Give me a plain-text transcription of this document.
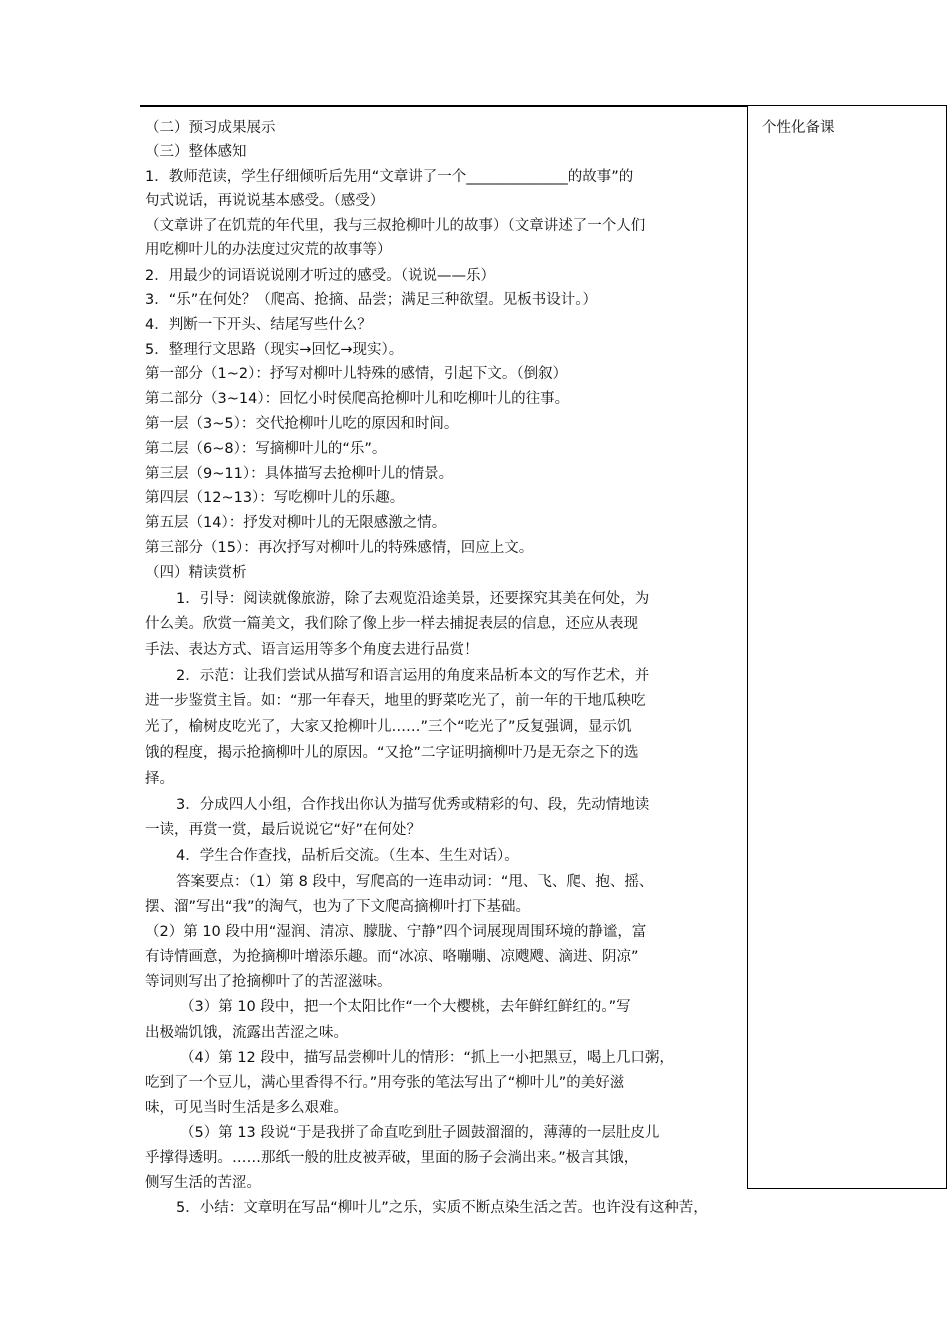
个性化备课
（二）预习成果展示
（三）整体感知
1．教师范读，学生仔细倾听后先用“文章讲了一个______________的故事”的
句式说话，再说说基本感受。（感受）
（文章讲了在饥荒的年代里，我与三叔抢柳叶儿的故事）（文章讲述了一个人们
用吃柳叶儿的办法度过灾荒的故事等）
2．用最少的词语说说刚才听过的感受。（说说——乐）
3．“乐”在何处？（爬高、抢摘、品尝；满足三种欲望。见板书设计。）
4．判断一下开头、结尾写些什么？
5．整理行文思路（现实→回忆→现实）。
第一部分（1~2）：抒写对柳叶儿特殊的感情，引起下文。（倒叙）
第二部分（3~14）：回忆小时侯爬高抢柳叶儿和吃柳叶儿的往事。
第一层（3~5）：交代抢柳叶儿吃的原因和时间。
第二层（6~8）：写摘柳叶儿的“乐”。
第三层（9~11）：具体描写去抢柳叶儿的情景。
第四层（12~13）：写吃柳叶儿的乐趣。
第五层（14）：抒发对柳叶儿的无限感激之情。
第三部分（15）：再次抒写对柳叶儿的特殊感情，回应上文。
（四）精读赏析
1．引导：阅读就像旅游，除了去观览沿途美景，还要探究其美在何处，为
什么美。欣赏一篇美文，我们除了像上步一样去捕捉表层的信息，还应从表现
手法、表达方式、语言运用等多个角度去进行品赏！
2．示范：让我们尝试从描写和语言运用的角度来品析本文的写作艺术，并
进一步鉴赏主旨。如：“那一年春天，地里的野菜吃光了，前一年的干地瓜秧吃
光了，榆树皮吃光了，大家又抢柳叶儿……”三个“吃光了”反复强调，显示饥
饿的程度，揭示抢摘柳叶儿的原因。“又抢”二字证明摘柳叶乃是无奈之下的选
择。
3．分成四人小组，合作找出你认为描写优秀或精彩的句、段，先动情地读
一读，再赏一赏，最后说说它“好”在何处？
4．学生合作查找，品析后交流。（生本、生生对话）。
答案要点：（1）第 8 段中，写爬高的一连串动词：“甩、飞、爬、抱、摇、
摆、溜”写出“我”的淘气，也为了下文爬高摘柳叶打下基础。
（2）第 10 段中用“湿润、清凉、朦胧、宁静”四个词展现周围环境的静谧，富
有诗情画意，为抢摘柳叶增添乐趣。而“冰凉、咯嘣嘣、凉飕飕、滴进、阴凉”
等词则写出了抢摘柳叶了的苦涩滋味。
（3）第 10 段中，把一个太阳比作“一个大樱桃，去年鲜红鲜红的。”写
出极端饥饿，流露出苦涩之味。
（4）第 12 段中，描写品尝柳叶儿的情形：“抓上一小把黑豆，喝上几口粥，
吃到了一个豆儿，满心里香得不行。”用夸张的笔法写出了“柳叶儿”的美好滋
味，可见当时生活是多么艰难。
（5）第 13 段说“于是我拼了命直吃到肚子圆鼓溜溜的，薄薄的一层肚皮儿
乎撑得透明。……那纸一般的肚皮被弄破，里面的肠子会淌出来。”极言其饿，
侧写生活的苦涩。
5．小结：文章明在写品“柳叶儿”之乐，实质不断点染生活之苦。也许没有这种苦，
